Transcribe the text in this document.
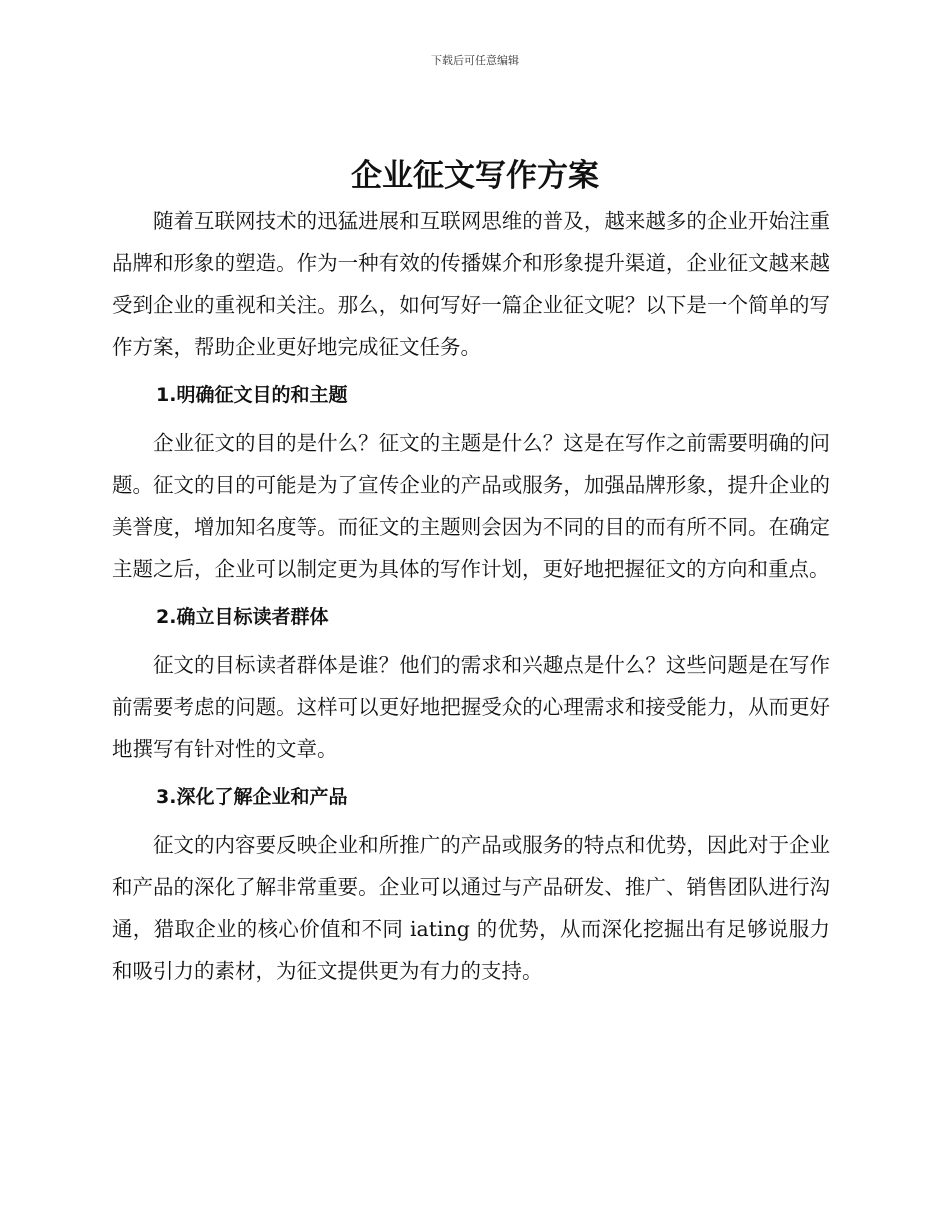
下载后可任意编辑
企业征文写作方案

随着互联网技术的迅猛进展和互联网思维的普及，越来越多的企业开始注重品牌和形象的塑造。作为一种有效的传播媒介和形象提升渠道，企业征文越来越受到企业的重视和关注。那么，如何写好一篇企业征文呢？以下是一个简单的写作方案，帮助企业更好地完成征文任务。

1.明确征文目的和主题

企业征文的目的是什么？征文的主题是什么？这是在写作之前需要明确的问题。征文的目的可能是为了宣传企业的产品或服务，加强品牌形象，提升企业的美誉度，增加知名度等。而征文的主题则会因为不同的目的而有所不同。在确定主题之后，企业可以制定更为具体的写作计划，更好地把握征文的方向和重点。

2.确立目标读者群体

征文的目标读者群体是谁？他们的需求和兴趣点是什么？这些问题是在写作前需要考虑的问题。这样可以更好地把握受众的心理需求和接受能力，从而更好地撰写有针对性的文章。

3.深化了解企业和产品

征文的内容要反映企业和所推广的产品或服务的特点和优势，因此对于企业和产品的深化了解非常重要。企业可以通过与产品研发、推广、销售团队进行沟通，猎取企业的核心价值和不同 iating 的优势，从而深化挖掘出有足够说服力和吸引力的素材，为征文提供更为有力的支持。
